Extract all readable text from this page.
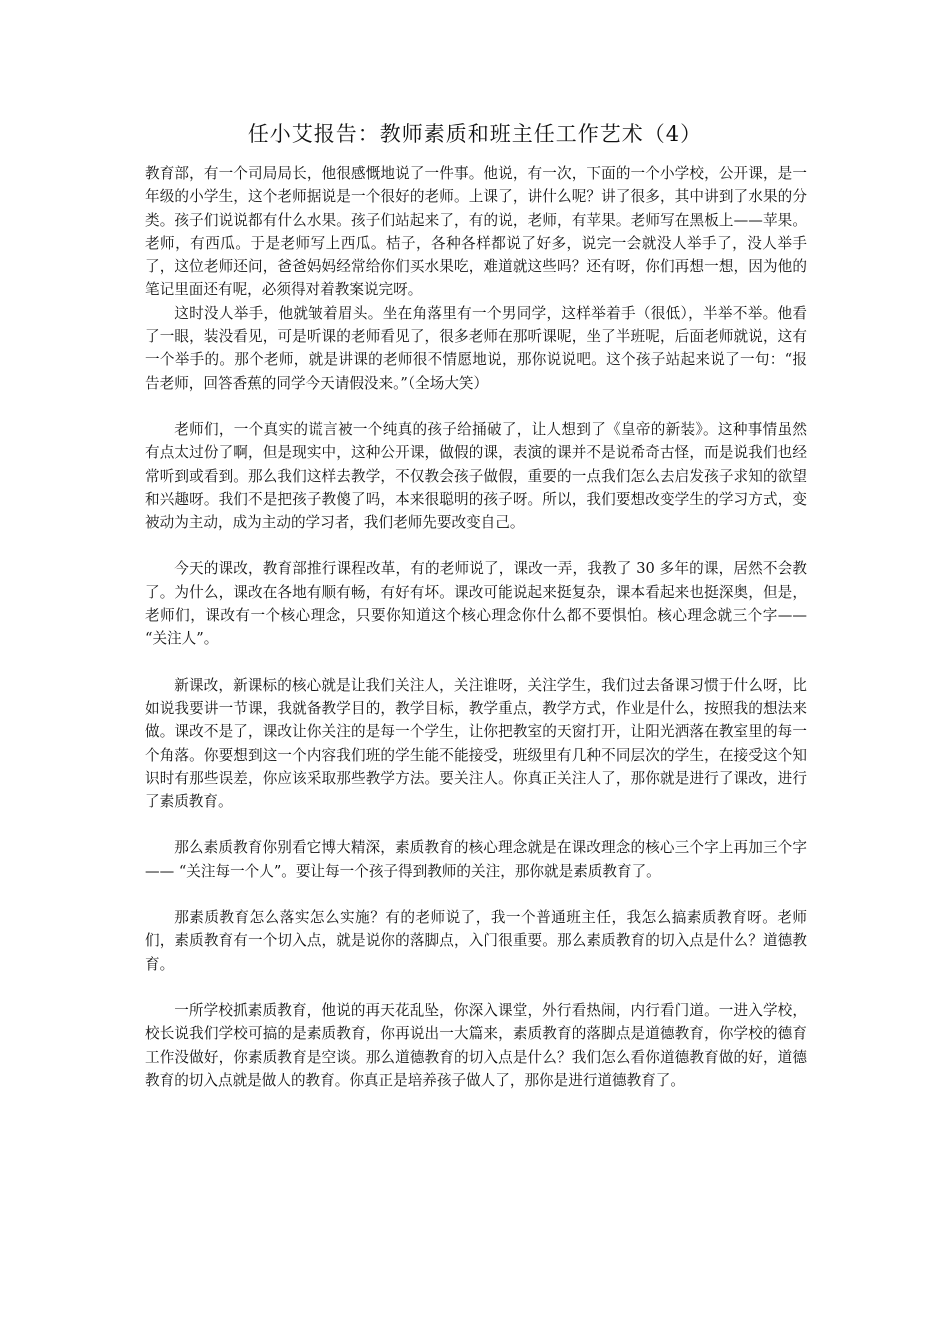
任小艾报告：教师素质和班主任工作艺术（4）

教育部，有一个司局局长，他很感慨地说了一件事。他说，有一次，下面的一个小学校，公开课，是一年级的小学生，这个老师据说是一个很好的老师。上课了，讲什么呢？讲了很多，其中讲到了水果的分类。孩子们说说都有什么水果。孩子们站起来了，有的说，老师，有苹果。老师写在黑板上——苹果。老师，有西瓜。于是老师写上西瓜。桔子，各种各样都说了好多，说完一会就没人举手了，没人举手了，这位老师还问，爸爸妈妈经常给你们买水果吃，难道就这些吗？还有呀，你们再想一想，因为他的笔记里面还有呢，必须得对着教案说完呀。

这时没人举手，他就皱着眉头。坐在角落里有一个男同学，这样举着手（很低），半举不举。他看了一眼，装没看见，可是听课的老师看见了，很多老师在那听课呢，坐了半班呢，后面老师就说，这有一个举手的。那个老师，就是讲课的老师很不情愿地说，那你说说吧。这个孩子站起来说了一句：“报告老师，回答香蕉的同学今天请假没来。”（全场大笑）

老师们，一个真实的谎言被一个纯真的孩子给捅破了，让人想到了《皇帝的新装》。这种事情虽然有点太过份了啊，但是现实中，这种公开课，做假的课，表演的课并不是说希奇古怪，而是说我们也经常听到或看到。那么我们这样去教学，不仅教会孩子做假，重要的一点我们怎么去启发孩子求知的欲望和兴趣呀。我们不是把孩子教傻了吗，本来很聪明的孩子呀。所以，我们要想改变学生的学习方式，变被动为主动，成为主动的学习者，我们老师先要改变自己。

今天的课改，教育部推行课程改革，有的老师说了，课改一弄，我教了 30 多年的课，居然不会教了。为什么，课改在各地有顺有畅，有好有坏。课改可能说起来挺复杂，课本看起来也挺深奥，但是，老师们，课改有一个核心理念，只要你知道这个核心理念你什么都不要惧怕。核心理念就三个字—— “关注人”。

新课改，新课标的核心就是让我们关注人，关注谁呀，关注学生，我们过去备课习惯于什么呀，比如说我要讲一节课，我就备教学目的，教学目标，教学重点，教学方式，作业是什么，按照我的想法来做。课改不是了，课改让你关注的是每一个学生，让你把教室的天窗打开，让阳光洒落在教室里的每一个角落。你要想到这一个内容我们班的学生能不能接受，班级里有几种不同层次的学生，在接受这个知识时有那些误差，你应该采取那些教学方法。要关注人。你真正关注人了，那你就是进行了课改，进行了素质教育。

那么素质教育你别看它博大精深，素质教育的核心理念就是在课改理念的核心三个字上再加三个字—— “关注每一个人”。要让每一个孩子得到教师的关注，那你就是素质教育了。

那素质教育怎么落实怎么实施？有的老师说了，我一个普通班主任，我怎么搞素质教育呀。老师们，素质教育有一个切入点，就是说你的落脚点，入门很重要。那么素质教育的切入点是什么？道德教育。

一所学校抓素质教育，他说的再天花乱坠，你深入课堂，外行看热闹，内行看门道。一进入学校，校长说我们学校可搞的是素质教育，你再说出一大篇来，素质教育的落脚点是道德教育，你学校的德育工作没做好，你素质教育是空谈。那么道德教育的切入点是什么？我们怎么看你道德教育做的好，道德教育的切入点就是做人的教育。你真正是培养孩子做人了，那你是进行道德教育了。
